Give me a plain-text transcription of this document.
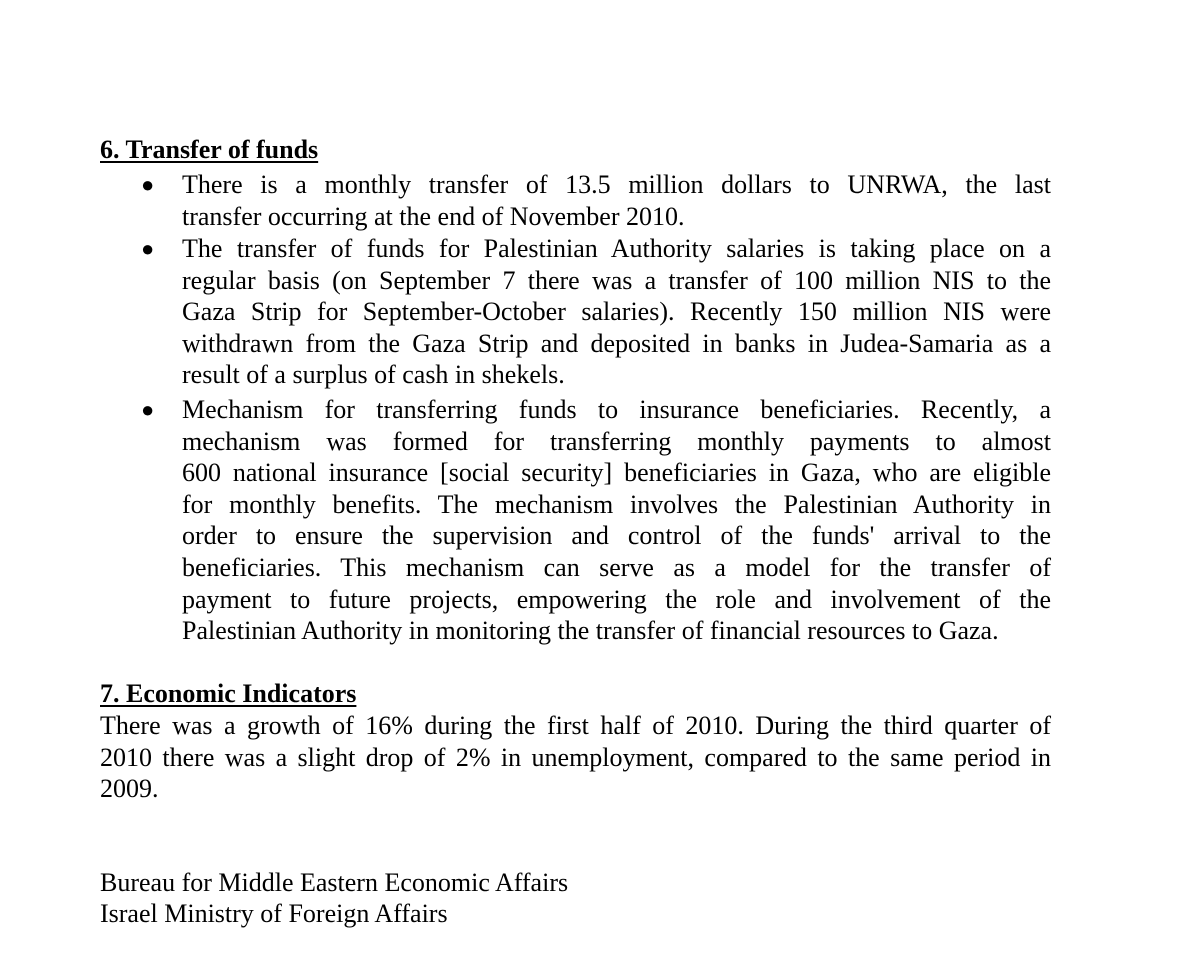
6. Transfer of funds
● There is a monthly transfer of 13.5 million dollars to UNRWA, the last
transfer occurring at the end of November 2010.
● The transfer of funds for Palestinian Authority salaries is taking place on a
regular basis (on September 7 there was a transfer of 100 million NIS to the
Gaza Strip for September-October salaries). Recently 150 million NIS were
withdrawn from the Gaza Strip and deposited in banks in Judea-Samaria as a
result of a surplus of cash in shekels.
● Mechanism for transferring funds to insurance beneficiaries. Recently, a
mechanism was formed for transferring monthly payments to almost
600 national insurance [social security] beneficiaries in Gaza, who are eligible
for monthly benefits. The mechanism involves the Palestinian Authority in
order to ensure the supervision and control of the funds' arrival to the
beneficiaries. This mechanism can serve as a model for the transfer of
payment to future projects, empowering the role and involvement of the
Palestinian Authority in monitoring the transfer of financial resources to Gaza.
7. Economic Indicators
There was a growth of 16% during the first half of 2010. During the third quarter of
2010 there was a slight drop of 2% in unemployment, compared to the same period in
2009.
Bureau for Middle Eastern Economic Affairs
Israel Ministry of Foreign Affairs
